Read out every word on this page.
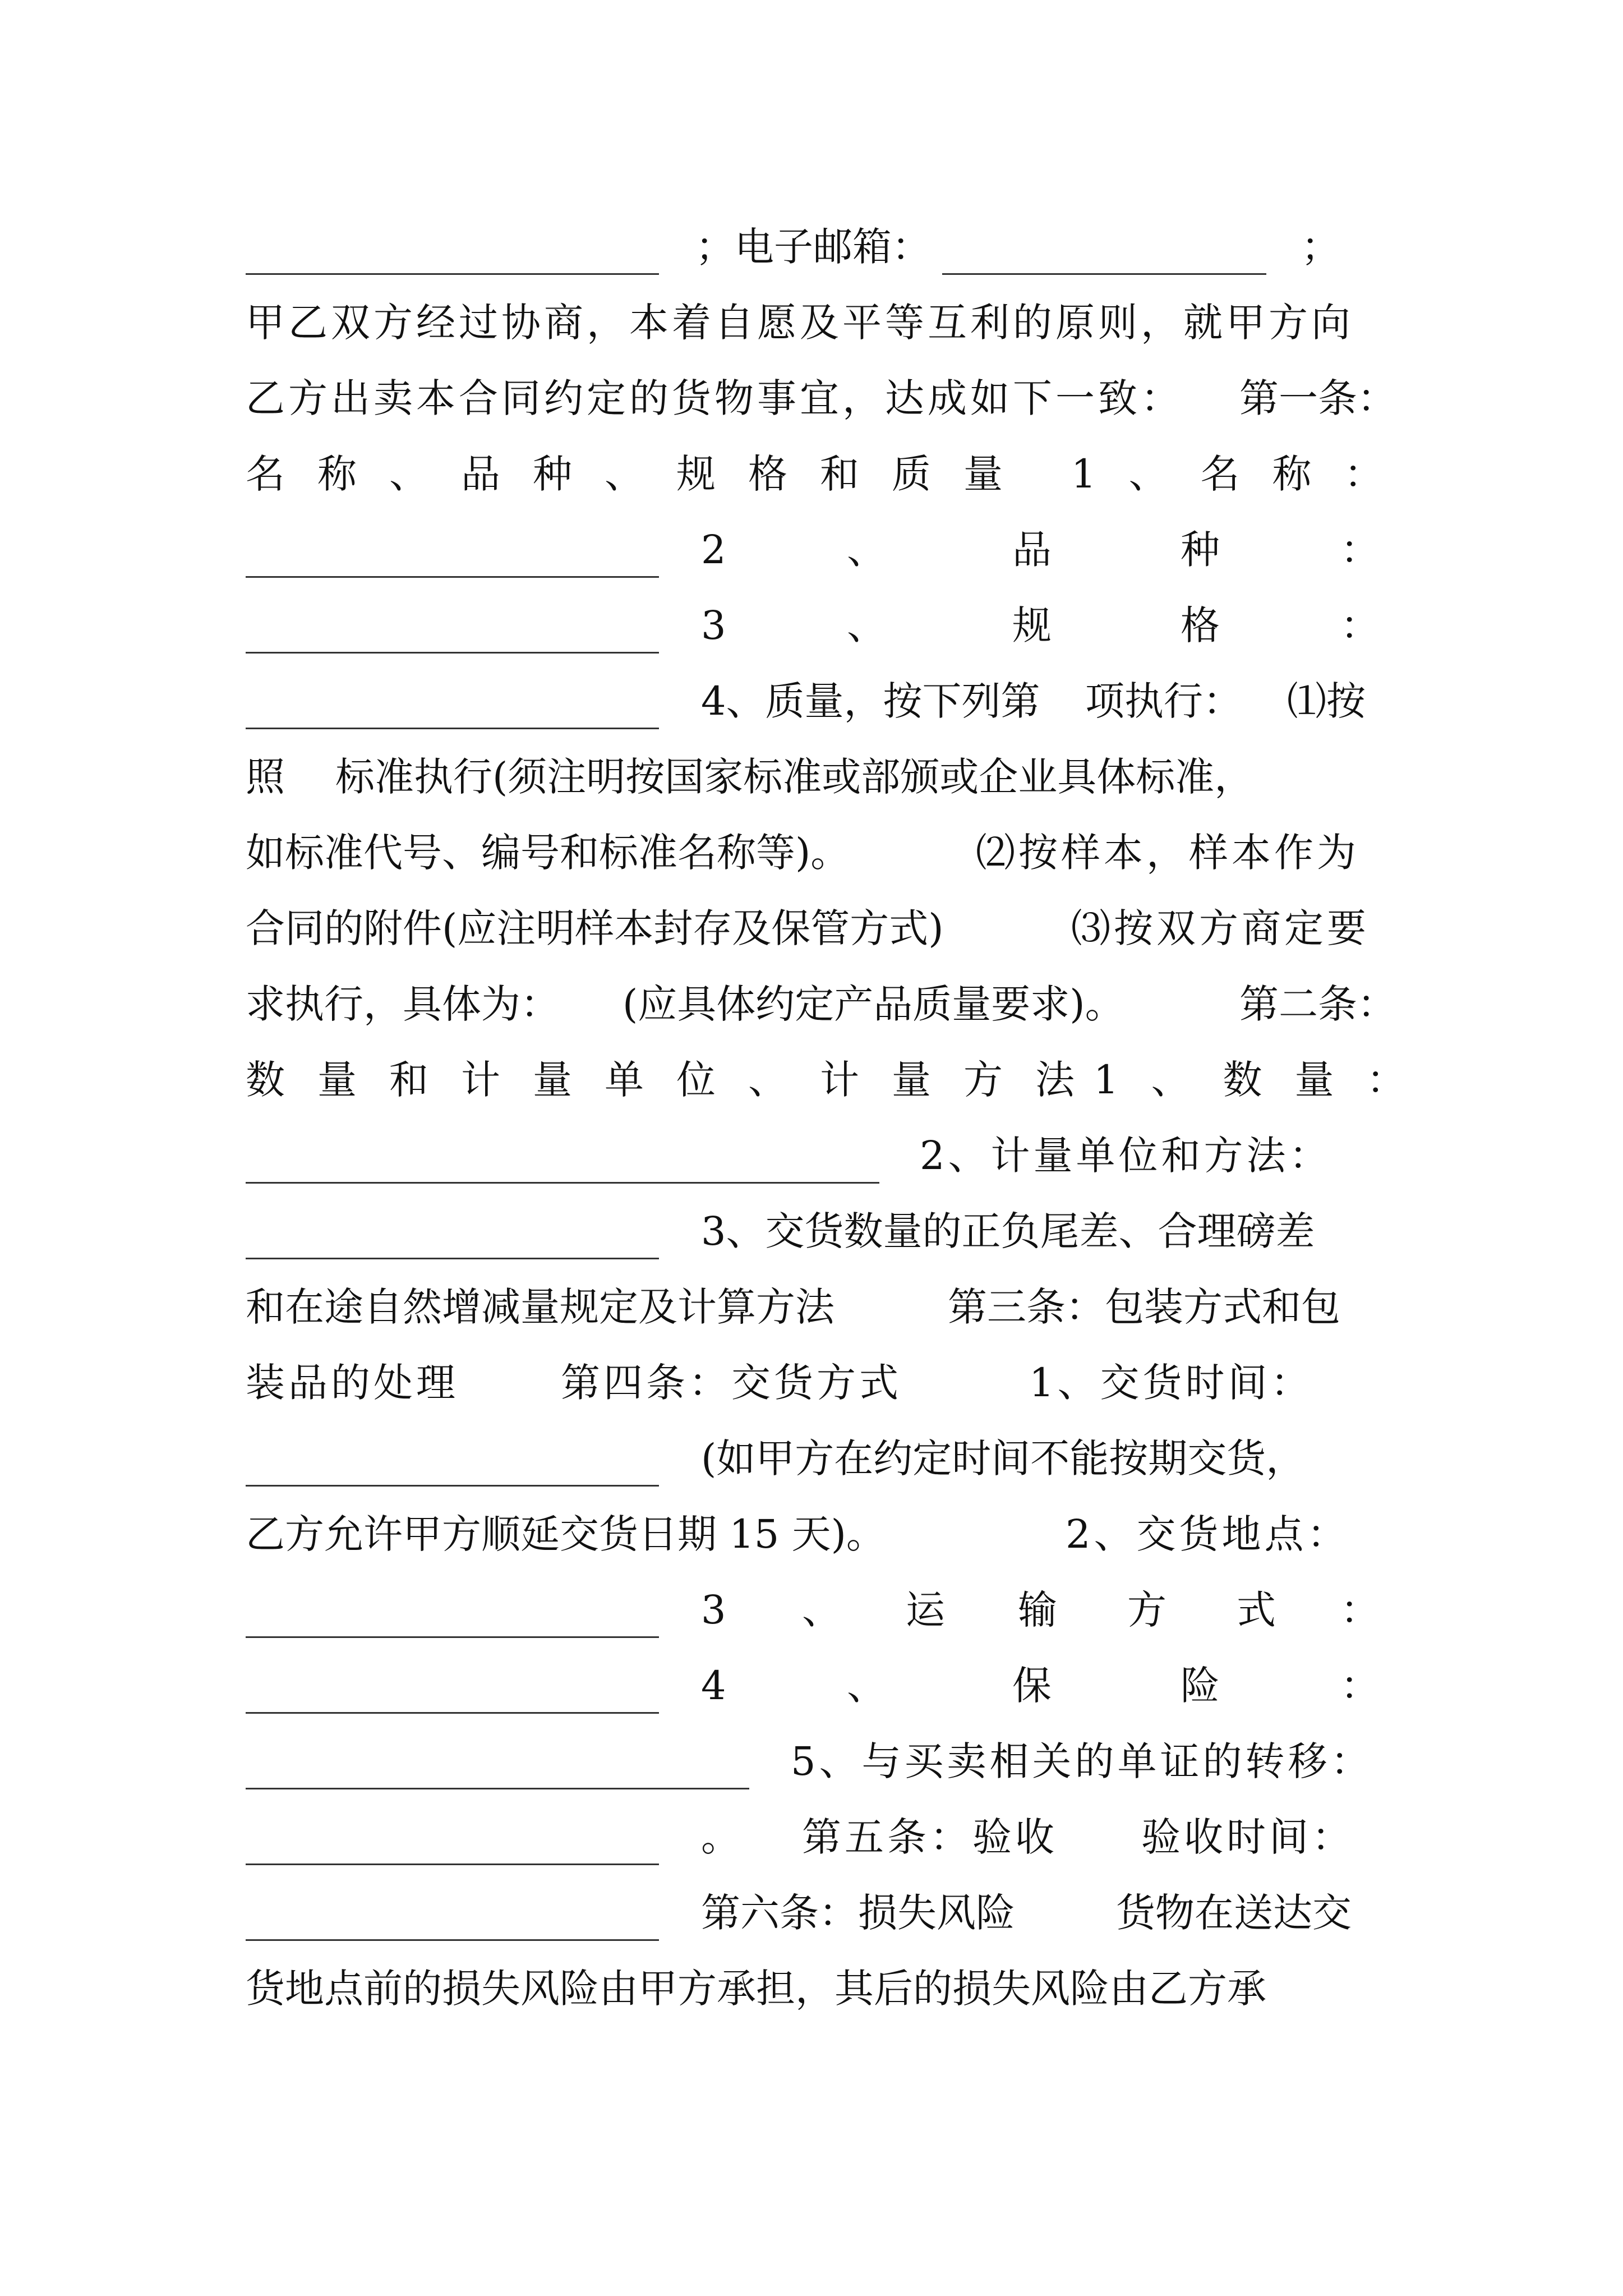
；电子邮箱：	；
甲乙双方经过协商，本着自愿及平等互利的原则，就甲方向
乙方出卖本合同约定的货物事宜，达成如下一致： 第一条：
名称、品种、规格和质量 1、名称：
2	、	品	种	：
3	、	规	格	：
4、质量，按下列第 项执行： ⑴按
照 标准执行(须注明按国家标准或部颁或企业具体标准，
如标准代号、编号和标准名称等)。	⑵按样本，样本作为
合同的附件(应注明样本封存及保管方式)	⑶按双方商定要
求执行，具体为： (应具体约定产品质量要求)。	第二条：
数量和计量单位、计量方法
1、数量：
2、计量单位和方法：
3、交货数量的正负尾差、合理磅差
和在途自然增减量规定及计算方法	第三条：包装方式和包
装品的处理	第四条：交货方式	1、交货时间：
(如甲方在约定时间不能按期交货，
乙方允许甲方顺延交货日期 15 天)。	2、交货地点：
3 、 运 输 方 式 ：
4	、	保	险	：
5、与买卖相关的单证的转移：
。 第五条：验收 验收时间：
第六条：损失风险	货物在送达交
货地点前的损失风险由甲方承担，其后的损失风险由乙方承
